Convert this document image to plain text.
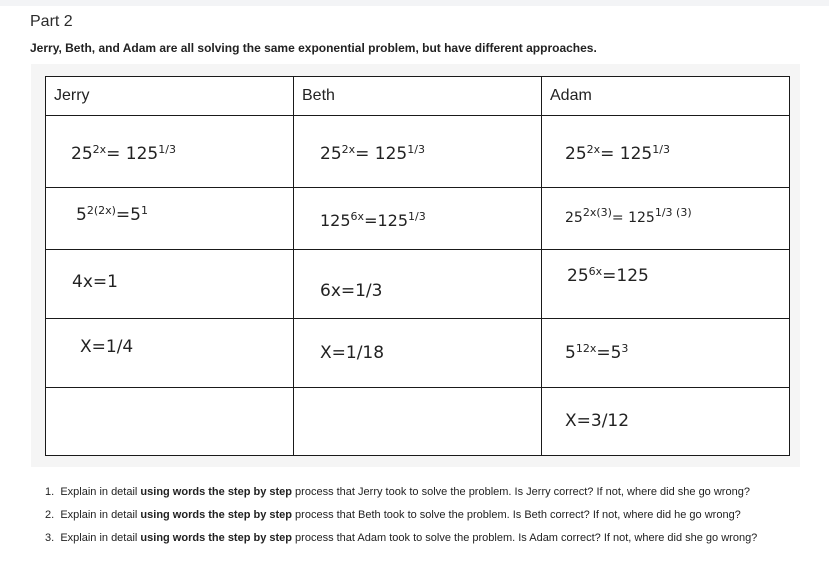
Part 2
Jerry, Beth, and Adam are all solving the same exponential problem, but have different approaches.
Jerry	Beth	Adam

$25^{2x}= 125^{1/3}$	$25^{2x}= 125^{1/3}$	$25^{2x}= 125^{1/3}$

$5^{2(2x)}=5^1$	$125^{6x}=125^{1/3}$	$25^{2x(3)}= 125^{1/3 (3)}$

4x=1	6x=1/3	$25^{6x}=125$

X=1/4	X=1/18	$5^{12x}=5^3$

		X=3/12
1. Explain in detail using words the step by step process that Jerry took to solve the problem. Is Jerry correct? If not, where did she go wrong?
2. Explain in detail using words the step by step process that Beth took to solve the problem. Is Beth correct? If not, where did he go wrong?
3. Explain in detail using words the step by step process that Adam took to solve the problem. Is Adam correct? If not, where did she go wrong?
